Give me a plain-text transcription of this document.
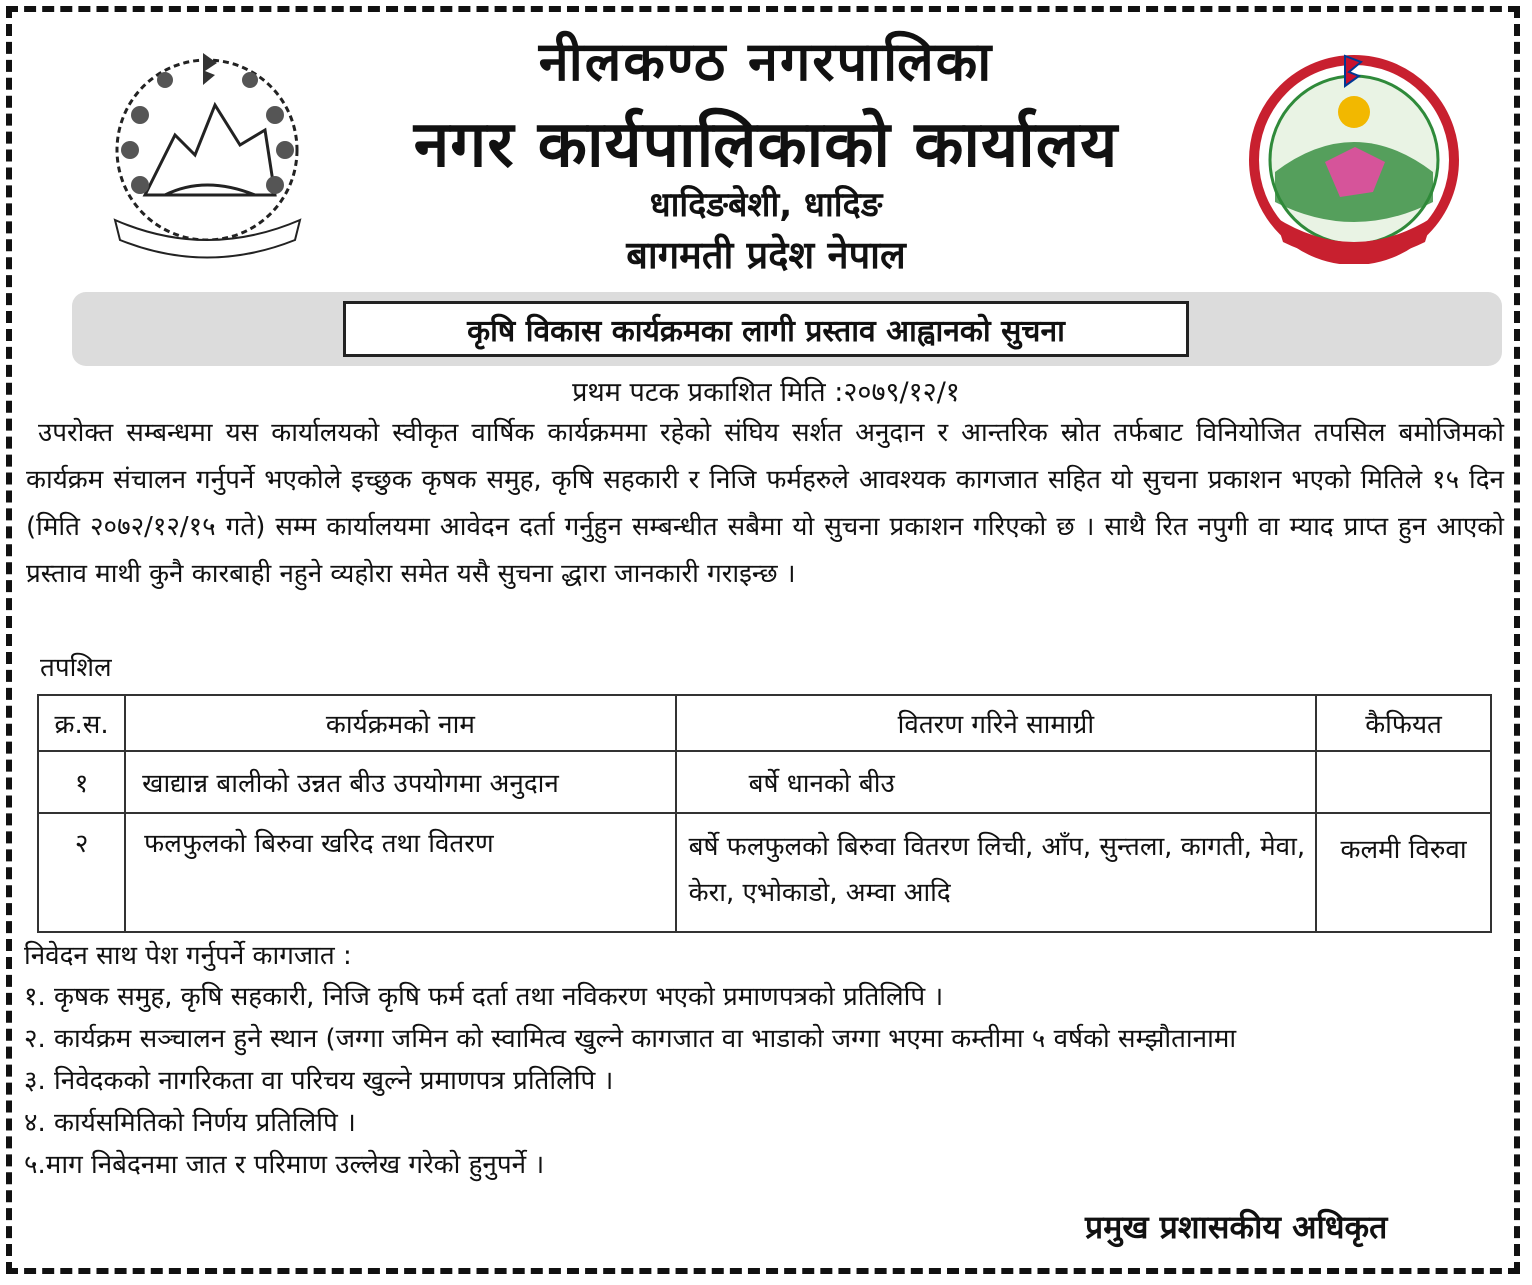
नीलकण्ठ नगरपालिका
नगर कार्यपालिकाको कार्यालय
धादिङबेशी, धादिङ
बागमती प्रदेश नेपाल
कृषि विकास कार्यक्रमका लागी प्रस्ताव आह्वानको सुचना
प्रथम पटक प्रकाशित मिति :२०७९/१२/१
उपरोक्त सम्बन्धमा यस कार्यालयको स्वीकृत वार्षिक कार्यक्रममा रहेको संघिय सर्शत अनुदान र आन्तरिक स्रोत तर्फबाट विनियोजित तपसिल बमोजिमको कार्यक्रम संचालन गर्नुपर्ने भएकोले इच्छुक कृषक समुह, कृषि सहकारी र निजि फर्महरुले आवश्यक कागजात सहित यो सुचना प्रकाशन भएको मितिले १५ दिन (मिति २०७२/१२/१५ गते) सम्म कार्यालयमा आवेदन दर्ता गर्नुहुन सम्बन्धीत सबैमा यो सुचना प्रकाशन गरिएको छ । साथै रित नपुगी वा म्याद प्राप्त हुन आएको प्रस्ताव माथी कुनै कारबाही नहुने व्यहोरा समेत यसै सुचना द्धारा जानकारी गराइन्छ ।
तपशिल
क्र.स.	कार्यक्रमको नाम	वितरण गरिने सामाग्री	कैफियत
१	खाद्यान्न बालीको उन्नत बीउ उपयोगमा अनुदान	बर्षे धानको बीउ	
२	फलफुलको बिरुवा खरिद तथा वितरण	बर्षे फलफुलको बिरुवा वितरण लिची, आँप, सुन्तला, कागती, मेवा, केरा, एभोकाडो, अम्वा आदि	कलमी विरुवा
निवेदन साथ पेश गर्नुपर्ने कागजात :
१. कृषक समुह, कृषि सहकारी, निजि कृषि फर्म दर्ता तथा नविकरण भएको प्रमाणपत्रको प्रतिलिपि ।
२. कार्यक्रम सञ्चालन हुने स्थान (जग्गा जमिन को स्वामित्व खुल्ने कागजात वा भाडाको जग्गा भएमा कम्तीमा ५ वर्षको सम्झौतानामा
३. निवेदकको नागरिकता वा परिचय खुल्ने प्रमाणपत्र प्रतिलिपि ।
४. कार्यसमितिको निर्णय प्रतिलिपि ।
५.माग निबेदनमा जात र परिमाण उल्लेख गरेको हुनुपर्ने ।
प्रमुख प्रशासकीय अधिकृत
